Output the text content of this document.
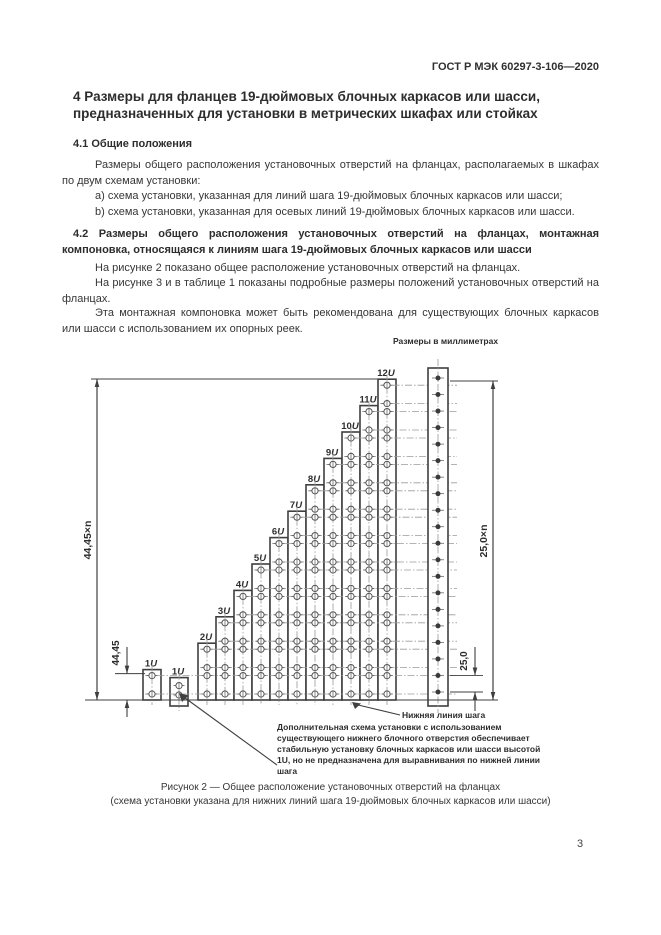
ГОСТ Р МЭК 60297-3-106—2020
4 Размеры для фланцев 19-дюймовых блочных каркасов или шасси, предназначенных для установки в метрических шкафах или стойках
4.1 Общие положения
Размеры общего расположения установочных отверстий на фланцах, располагаемых в шкафах по двум схемам установки:
a) схема установки, указанная для линий шага 19-дюймовых блочных каркасов или шасси;
b) схема установки, указанная для осевых линий 19-дюймовых блочных каркасов или шасси.
4.2 Размеры общего расположения установочных отверстий на фланцах, монтажная компоновка, относящаяся к линиям шага 19-дюймовых блочных каркасов или шасси
На рисунке 2 показано общее расположение установочных отверстий на фланцах.
На рисунке 3 и в таблице 1 показаны подробные размеры положений установочных отверстий на фланцах.
Эта монтажная компоновка может быть рекомендована для существующих блочных каркасов или шасси с использованием их опорных реек.
Размеры в миллиметрах
1U
1U
2U
3U
4U
5U
6U
7U
8U
9U
10U
11U
12U
44,45×n
44,45
25,0×n
25,0
Нижняя линия шага
Дополнительная схема установки с использованием существующего нижнего блочного отверстия обеспечивает стабильную установку блочных каркасов или шасси высотой 1U, но не предназначена для выравнивания по нижней линии шага
Рисунок 2 — Общее расположение установочных отверстий на фланцах
(схема установки указана для нижних линий шага 19-дюймовых блочных каркасов или шасси)
3
